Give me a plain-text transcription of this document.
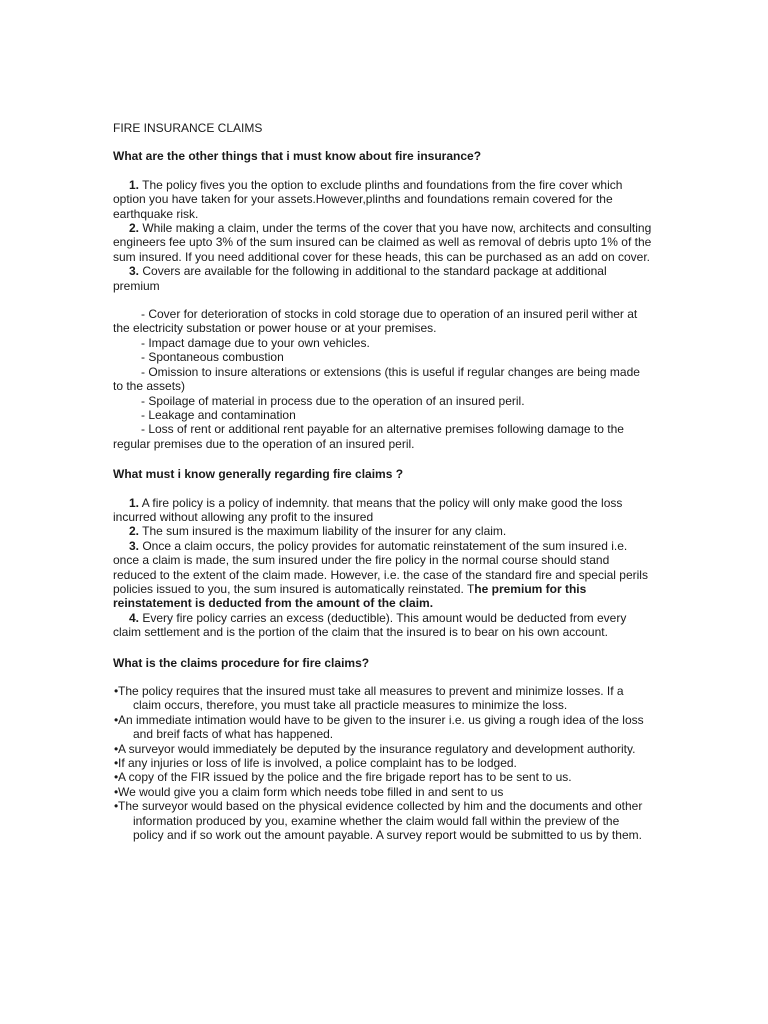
FIRE INSURANCE CLAIMS
What are the other things that i must know about fire insurance?

1. The policy fives you the option to exclude plinths and foundations from the fire cover which option you have taken for your assets.However,plinths and foundations remain covered for the earthquake risk.

2. While making a claim, under the terms of the cover that you have now, architects and consulting engineers fee upto 3% of the sum insured can be claimed as well as removal of debris upto 1% of the sum insured. If you need additional cover for these heads, this can be purchased as an add on cover.

3. Covers are available for the following in additional to the standard package at additional premium

- Cover for deterioration of stocks in cold storage due to operation of an insured peril wither at the electricity substation or power house or at your premises.

- Impact damage due to your own vehicles.

- Spontaneous combustion

- Omission to insure alterations or extensions (this is useful if regular changes are being made to the assets)

- Spoilage of material in process due to the operation of an insured peril.

- Leakage and contamination

- Loss of rent or additional rent payable for an alternative premises following damage to the regular premises due to the operation of an insured peril.

What must i know generally regarding fire claims ?

1. A fire policy is a policy of indemnity. that means that the policy will only make good the loss incurred without allowing any profit to the insured

2. The sum insured is the maximum liability of the insurer for any claim.

3. Once a claim occurs, the policy provides for automatic reinstatement of the sum insured i.e. once a claim is made, the sum insured under the fire policy in the normal course should stand reduced to the extent of the claim made. However, i.e. the case of the standard fire and special perils policies issued to you, the sum insured is automatically reinstated. The premium for this reinstatement is deducted from the amount of the claim.

4. Every fire policy carries an excess (deductible). This amount would be deducted from every claim settlement and is the portion of the claim that the insured is to bear on his own account.

What is the claims procedure for fire claims?

•The policy requires that the insured must take all measures to prevent and minimize losses. If a claim occurs, therefore, you must take all practicle measures to minimize the loss.

•An immediate intimation would have to be given to the insurer i.e. us giving a rough idea of the loss and breif facts of what has happened.

•A surveyor would immediately be deputed by the insurance regulatory and development authority.

•If any injuries or loss of life is involved, a police complaint has to be lodged.

•A copy of the FIR issued by the police and the fire brigade report has to be sent to us.

•We would give you a claim form which needs tobe filled in and sent to us

•The surveyor would based on the physical evidence collected by him and the documents and other information produced by you, examine whether the claim would fall within the preview of the policy and if so work out the amount payable. A survey report would be submitted to us by them.
